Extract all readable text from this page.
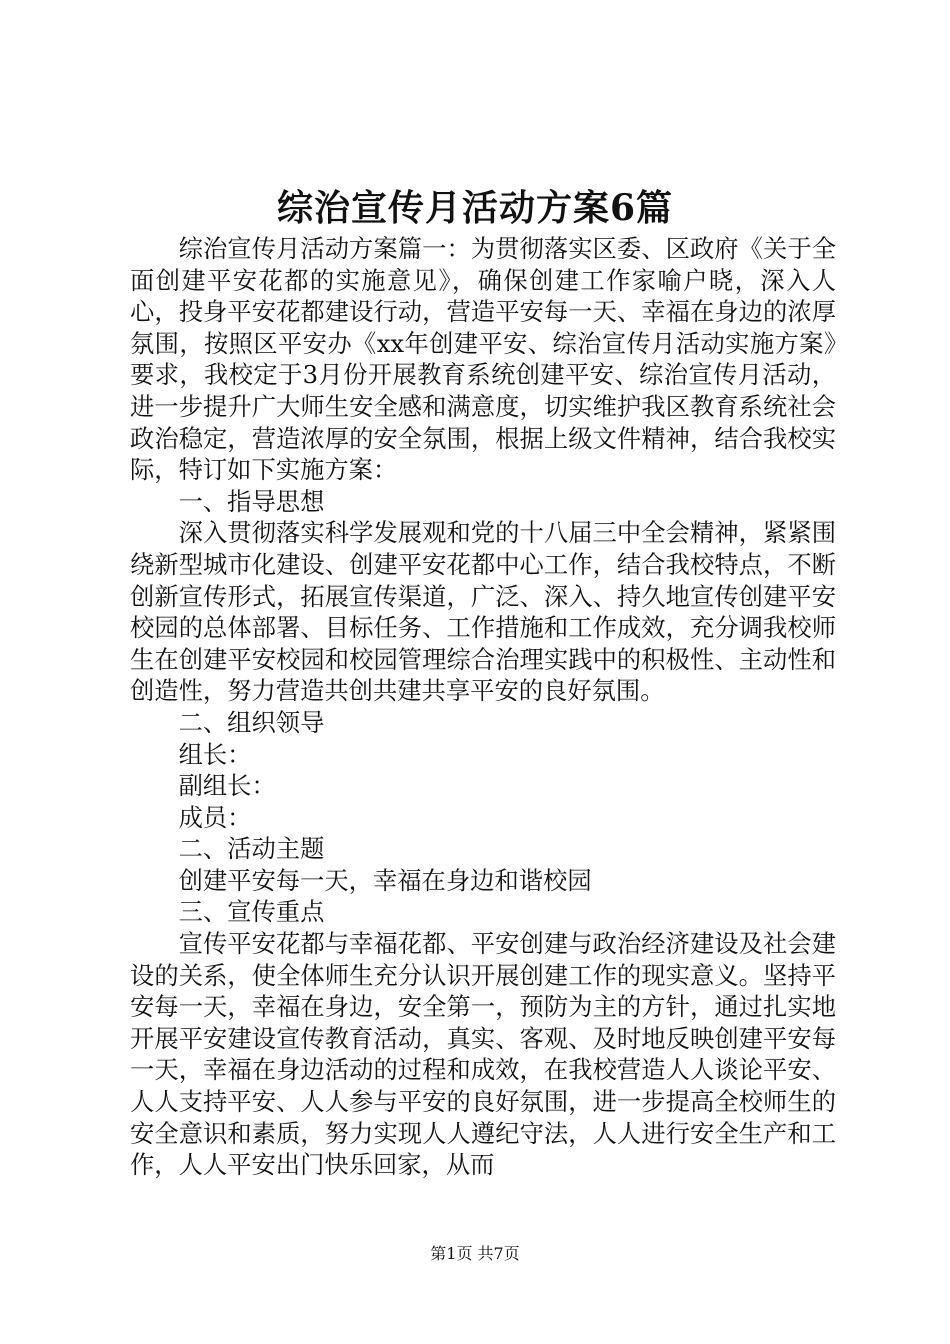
综治宣传月活动方案6篇

综治宣传月活动方案篇一：为贯彻落实区委、区政府《关于全面创建平安花都的实施意见》，确保创建工作家喻户晓，深入人心，投身平安花都建设行动，营造平安每一天、幸福在身边的浓厚氛围，按照区平安办《xx年创建平安、综治宣传月活动实施方案》要求，我校定于3月份开展教育系统创建平安、综治宣传月活动，进一步提升广大师生安全感和满意度，切实维护我区教育系统社会政治稳定，营造浓厚的安全氛围，根据上级文件精神，结合我校实际，特订如下实施方案：

一、指导思想

深入贯彻落实科学发展观和党的十八届三中全会精神，紧紧围绕新型城市化建设、创建平安花都中心工作，结合我校特点，不断创新宣传形式，拓展宣传渠道，广泛、深入、持久地宣传创建平安校园的总体部署、目标任务、工作措施和工作成效，充分调我校师生在创建平安校园和校园管理综合治理实践中的积极性、主动性和创造性，努力营造共创共建共享平安的良好氛围。

二、组织领导

组长：

副组长：

成员：

二、活动主题

创建平安每一天，幸福在身边和谐校园

三、宣传重点

宣传平安花都与幸福花都、平安创建与政治经济建设及社会建设的关系，使全体师生充分认识开展创建工作的现实意义。坚持平安每一天，幸福在身边，安全第一，预防为主的方针，通过扎实地开展平安建设宣传教育活动，真实、客观、及时地反映创建平安每一天，幸福在身边活动的过程和成效，在我校营造人人谈论平安、人人支持平安、人人参与平安的良好氛围，进一步提高全校师生的安全意识和素质，努力实现人人遵纪守法，人人进行安全生产和工作，人人平安出门快乐回家，从而

第1页 共7页
